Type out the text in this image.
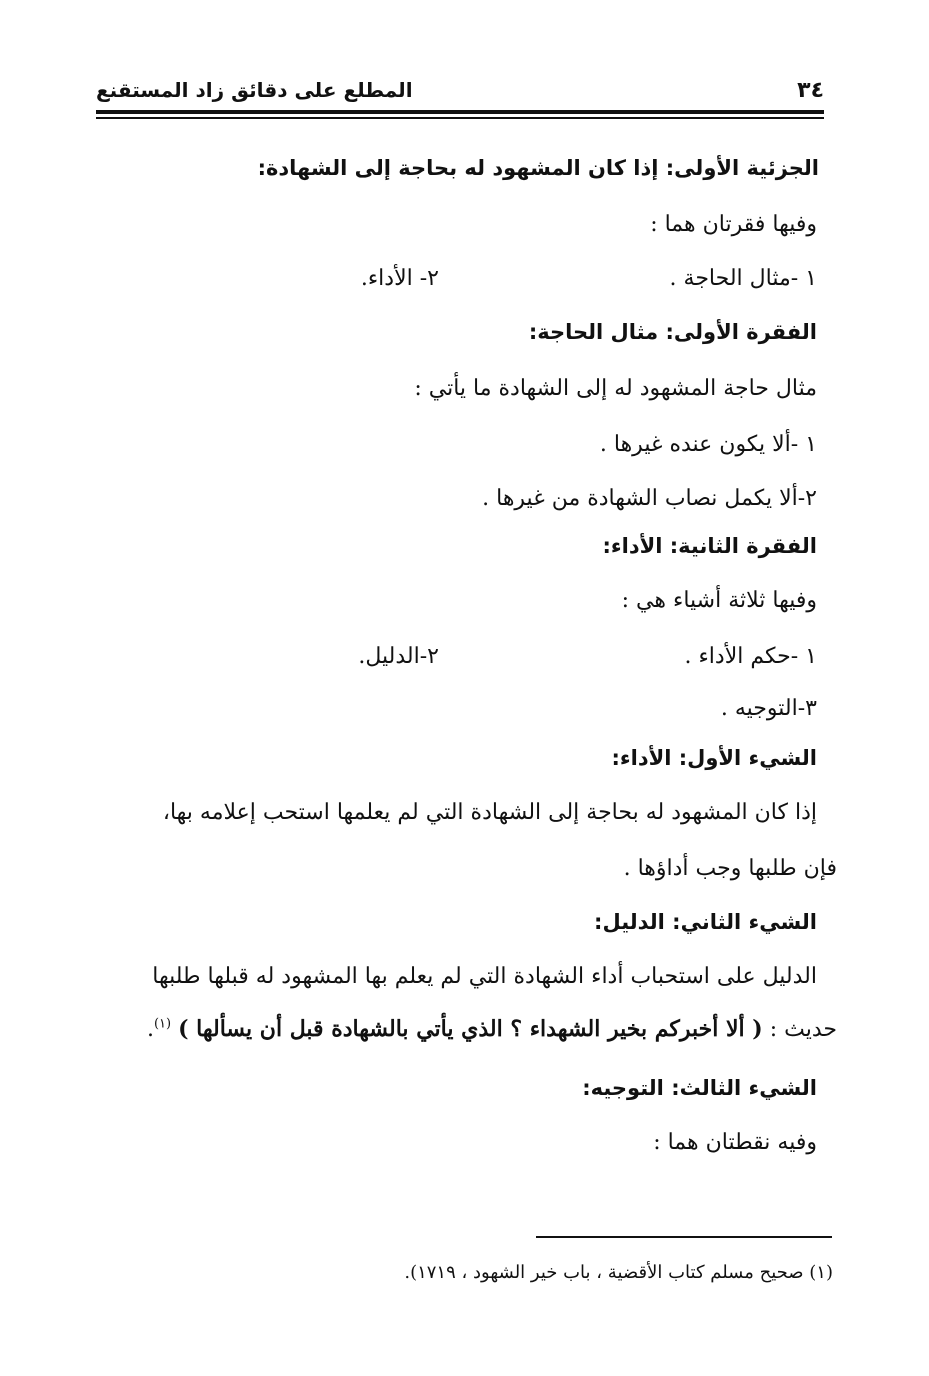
المطلع على دقائق زاد المستقنع	٣٤
الجزئية الأولى: إذا كان المشهود له بحاجة إلى الشهادة:
وفيها فقرتان هما :
١ -مثال الحاجة .
٢- الأداء.
الفقرة الأولى: مثال الحاجة:
مثال حاجة المشهود له إلى الشهادة ما يأتي :
١ -ألا يكون عنده غيرها .
٢-ألا يكمل نصاب الشهادة من غيرها .
الفقرة الثانية: الأداء:
وفيها ثلاثة أشياء هي :
١ -حكم الأداء .
٢-الدليل.
٣-التوجيه .
الشيء الأول: الأداء:
إذا كان المشهود له بحاجة إلى الشهادة التي لم يعلمها استحب إعلامه بها،
فإن طلبها وجب أداؤها .
الشيء الثاني: الدليل:
الدليل على استحباب أداء الشهادة التي لم يعلم بها المشهود له قبلها طلبها
حديث : ( ألا أخبركم بخير الشهداء ؟ الذي يأتي بالشهادة قبل أن يسألها ) $^{(١)}$.
الشيء الثالث: التوجيه:
وفيه نقطتان هما :
(١) صحيح مسلم كتاب الأقضية ، باب خير الشهود ، ١٧١٩).
